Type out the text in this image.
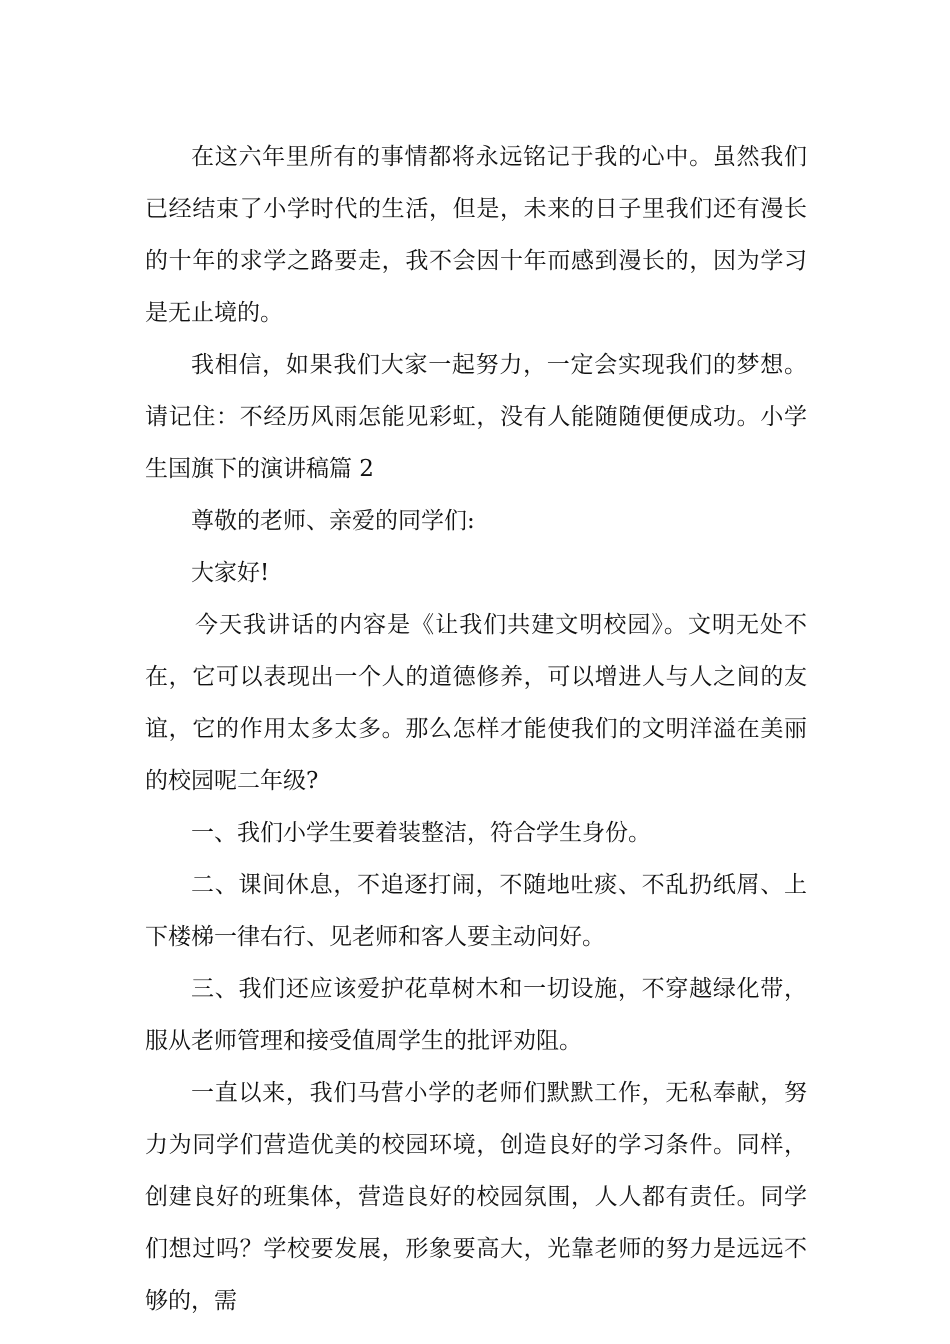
在这六年里所有的事情都将永远铭记于我的心中。虽然我们已经结束了小学时代的生活，但是，未来的日子里我们还有漫长的十年的求学之路要走，我不会因十年而感到漫长的，因为学习是无止境的。

我相信，如果我们大家一起努力，一定会实现我们的梦想。请记住：不经历风雨怎能见彩虹，没有人能随随便便成功。小学生国旗下的演讲稿篇 2

尊敬的老师、亲爱的同学们:

大家好!

今天我讲话的内容是《让我们共建文明校园》。文明无处不在，它可以表现出一个人的道德修养，可以增进人与人之间的友谊，它的作用太多太多。那么怎样才能使我们的文明洋溢在美丽的校园呢二年级?

一、我们小学生要着装整洁，符合学生身份。

二、课间休息，不追逐打闹，不随地吐痰、不乱扔纸屑、上下楼梯一律右行、见老师和客人要主动问好。

三、我们还应该爱护花草树木和一切设施，不穿越绿化带，服从老师管理和接受值周学生的批评劝阻。

一直以来，我们马营小学的老师们默默工作，无私奉献，努力为同学们营造优美的校园环境，创造良好的学习条件。同样，创建良好的班集体，营造良好的校园氛围，人人都有责任。同学们想过吗？学校要发展，形象要高大，光靠老师的努力是远远不够的，需
